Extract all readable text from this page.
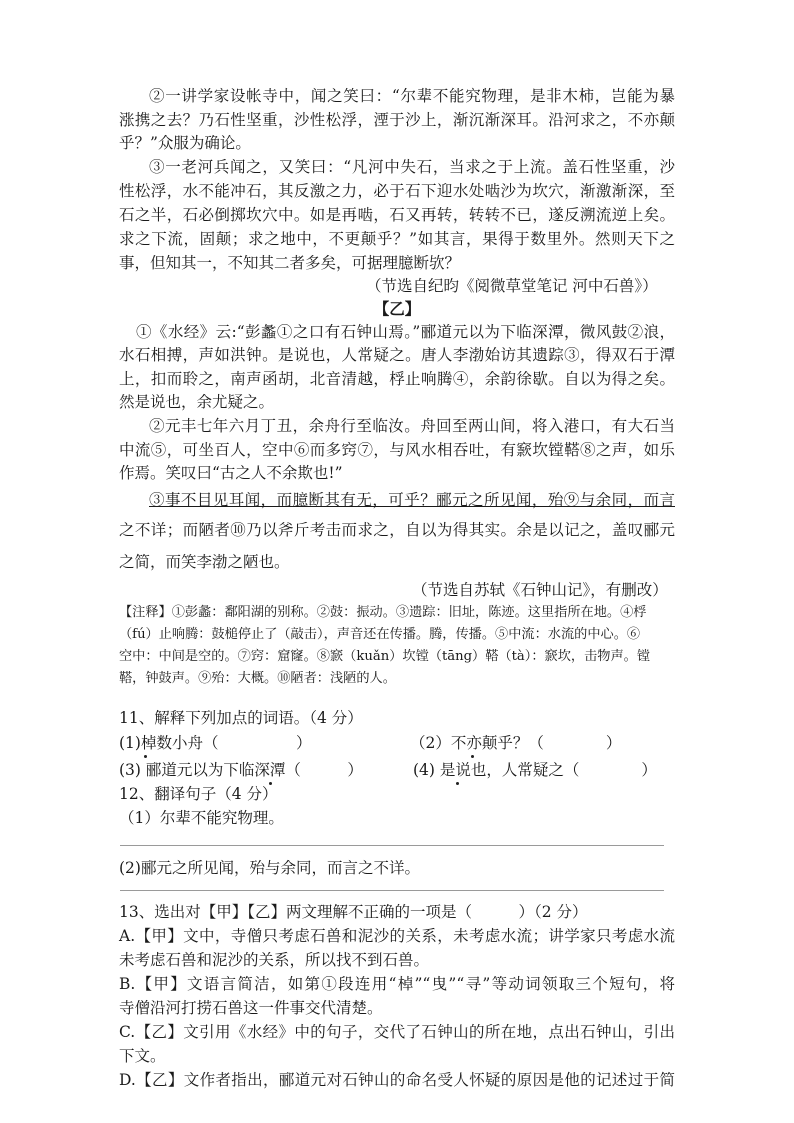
②一讲学家设帐寺中，闻之笑曰：“尔辈不能究物理，是非木柿，岂能为暴
涨携之去？乃石性坚重，沙性松浮，湮于沙上，渐沉渐深耳。沿河求之，不亦颠
乎？”众服为确论。
③一老河兵闻之，又笑曰：“凡河中失石，当求之于上流。盖石性坚重，沙
性松浮，水不能冲石，其反激之力，必于石下迎水处啮沙为坎穴，渐激渐深，至
石之半，石必倒掷坎穴中。如是再啮，石又再转，转转不已，遂反溯流逆上矣。
求之下流，固颠；求之地中，不更颠乎？”如其言，果得于数里外。然则天下之
事，但知其一，不知其二者多矣，可据理臆断欤？
（节选自纪昀《阅微草堂笔记 河中石兽》）
【乙】
①《水经》云:“彭蠡①之口有石钟山焉。”郦道元以为下临深潭，微风鼓②浪，
水石相搏，声如洪钟。是说也，人常疑之。唐人李渤始访其遗踪③，得双石于潭
上，扣而聆之，南声函胡，北音清越，桴止响腾④，余韵徐歇。自以为得之矣。
然是说也，余尤疑之。
②元丰七年六月丁丑，余舟行至临汝。舟回至两山间，将入港口，有大石当
中流⑤，可坐百人，空中⑥而多窍⑦，与风水相吞吐，有窾坎镗鞳⑧之声，如乐
作焉。笑叹曰“古之人不余欺也!”
③事不目见耳闻，而臆断其有无，可乎？郦元之所见闻，殆⑨与余同，而言
之不详；而陋者⑩乃以斧斤考击而求之，自以为得其实。余是以记之，盖叹郦元
之简，而笑李渤之陋也。
（节选自苏轼《石钟山记》，有删改）
【注释】①彭蠡：鄱阳湖的别称。②鼓：振动。③遗踪：旧址，陈迹。这里指所在地。④桴
（fú）止响腾：鼓槌停止了（敲击），声音还在传播。腾，传播。⑤中流：水流的中心。⑥
空中：中间是空的。⑦窍：窟窿。⑧窾（kuǎn）坎镗（tāng）鞳（tà）：窾坎，击物声。镗
鞳，钟鼓声。⑨殆：大概。⑩陋者：浅陋的人。
11、解释下列加点的词语。（4 分）
(1)棹数小舟（　　　　　）	（2）不亦颠乎？（　　　　）
(3) 郦道元以为下临深潭（　　　）	(4) 是说也，人常疑之（　　　　）
12、翻译句子（4 分）
（1）尔辈不能究物理。
(2)郦元之所见闻，殆与余同，而言之不详。
13、选出对【甲】【乙】两文理解不正确的一项是（　　　）（2 分）
A.【甲】文中，寺僧只考虑石兽和泥沙的关系，未考虑水流；讲学家只考虑水流
未考虑石兽和泥沙的关系，所以找不到石兽。
B.【甲】文语言简洁，如第①段连用“棹”“曳”“寻”等动词领取三个短句，将
寺僧沿河打捞石兽这一件事交代清楚。
C.【乙】文引用《水经》中的句子，交代了石钟山的所在地，点出石钟山，引出
下文。
D.【乙】文作者指出，郦道元对石钟山的命名受人怀疑的原因是他的记述过于简
